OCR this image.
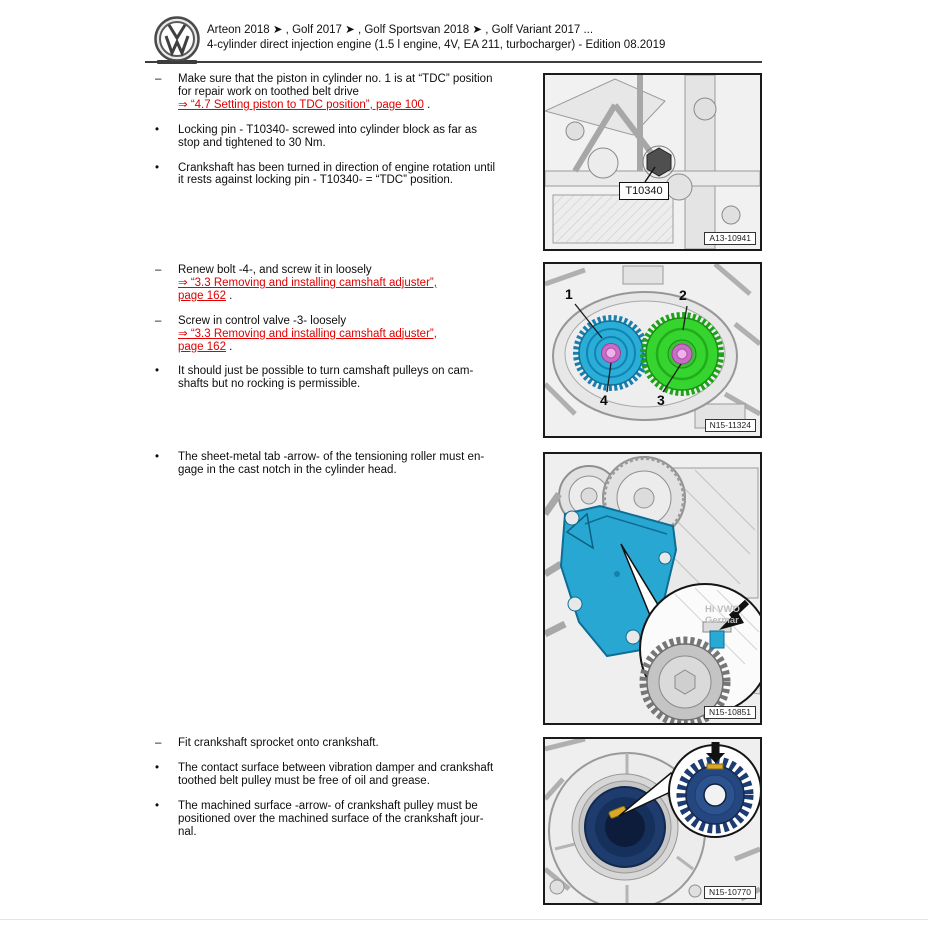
Arteon 2018 ➤ , Golf 2017 ➤ , Golf Sportsvan 2018 ➤ , Golf Variant 2017 ...
4-cylinder direct injection engine (1.5 l engine, 4V, EA 211, turbocharger) - Edition 08.2019
– Make sure that the piston in cylinder no. 1 is at “TDC” position
for repair work on toothed belt drive
⇒ “4.7 Setting piston to TDC position”, page 100 .
• Locking pin - T10340- screwed into cylinder block as far as
stop and tightened to 30 Nm.
• Crankshaft has been turned in direction of engine rotation until
it rests against locking pin - T10340- = “TDC” position.
– Renew bolt -4-, and screw it in loosely
⇒ “3.3 Removing and installing camshaft adjuster”,
page 162 .
– Screw in control valve -3- loosely
⇒ “3.3 Removing and installing camshaft adjuster”,
page 162 .
• It should just be possible to turn camshaft pulleys on cam-
shafts but no rocking is permissible.
• The sheet-metal tab -arrow- of the tensioning roller must en-
gage in the cast notch in the cylinder head.
– Fit crankshaft sprocket onto crankshaft.
• The contact surface between vibration damper and crankshaft
toothed belt pulley must be free of oil and grease.
• The machined surface -arrow- of crankshaft pulley must be
positioned over the machined surface of the crankshaft jour-
nal.
T10340
A13-10941
1	2
3
4
N15-11324
Hi VWO
Germar
N15-10851
N15-10770
